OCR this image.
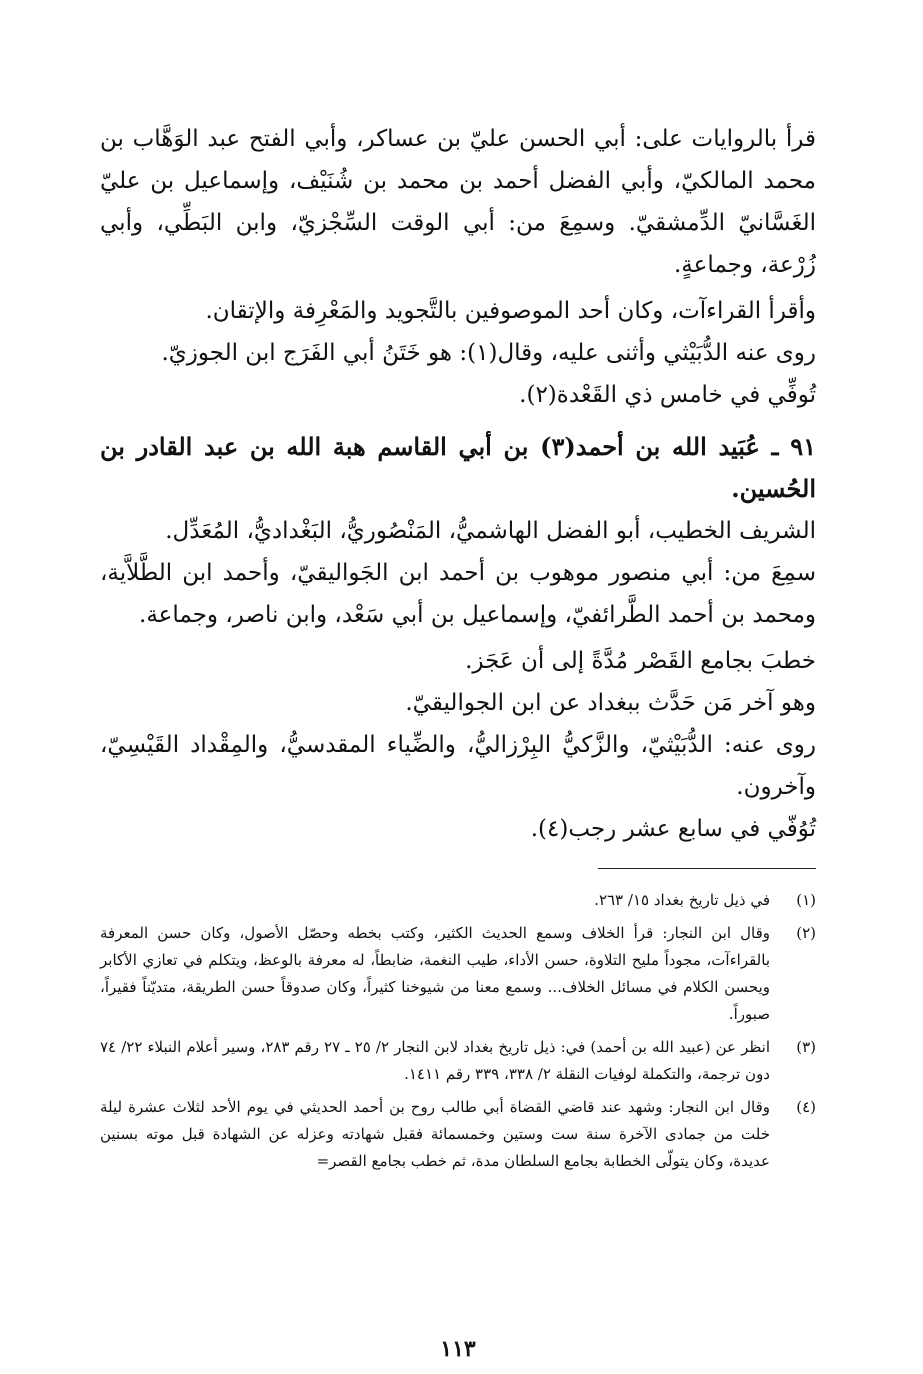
قرأ بالروايات على: أبي الحسن عليّ بن عساكر، وأبي الفتح عبد الوَهَّاب بن محمد المالكيّ، وأبي الفضل أحمد بن محمد بن شُنَيْف، وإسماعيل بن عليّ الغَسَّانيّ الدِّمشقيّ. وسمِعَ من: أبي الوقت السِّجْزيّ، وابن البَطِّي، وأبي زُرْعة، وجماعةٍ.

وأقرأ القراءآت، وكان أحد الموصوفين بالتَّجويد والمَعْرِفة والإتقان.

روى عنه الدُّبَيْثي وأثنى عليه، وقال(١): هو خَتَنُ أبي الفَرَج ابن الجوزيّ.

تُوفِّي في خامس ذي القَعْدة(٢).

٩١ ـ عُبَيد الله بن أحمد(٣) بن أبي القاسم هبة الله بن عبد القادر بن الحُسين.

الشريف الخطيب، أبو الفضل الهاشميُّ، المَنْصُوريُّ، البَغْداديُّ، المُعَدِّل.

سمِعَ من: أبي منصور موهوب بن أحمد ابن الجَواليقيّ، وأحمد ابن الطَّلاَّية، ومحمد بن أحمد الطَّرائفيّ، وإسماعيل بن أبي سَعْد، وابن ناصر، وجماعة.

خطبَ بجامع القَصْر مُدَّةً إلى أن عَجَز.

وهو آخر مَن حَدَّث ببغداد عن ابن الجواليقيّ.

روى عنه: الدُّبَيْثيّ، والزَّكيُّ البِرْزاليُّ، والضِّياء المقدسيُّ، والمِقْداد القَيْسِيّ، وآخرون.

تُوُفّي في سابع عشر رجب(٤).

(١)
في ذيل تاريخ بغداد ١٥/ ٢٦٣.
(٢)
وقال ابن النجار: قرأ الخلاف وسمع الحديث الكثير، وكتب بخطه وحصّل الأصول، وكان حسن المعرفة بالقراءآت، مجوداً مليح التلاوة، حسن الأداء، طيب النغمة، ضابطاً، له معرفة بالوعظ، ويتكلم في تعازي الأكابر ويحسن الكلام في مسائل الخلاف... وسمع معنا من شيوخنا كثيراً، وكان صدوقاً حسن الطريقة، متديّناً فقيراً، صبوراً.
(٣)
انظر عن (عبيد الله بن أحمد) في: ذيل تاريخ بغداد لابن النجار ٢/ ٢٥ ـ ٢٧ رقم ٢٨٣، وسير أعلام النبلاء ٢٢/ ٧٤ دون ترجمة، والتكملة لوفيات النقلة ٢/ ٣٣٨، ٣٣٩ رقم ١٤١١.
(٤)
وقال ابن النجار: وشهد عند قاضي القضاة أبي طالب روح بن أحمد الحديثي في يوم الأحد لثلاث عشرة ليلة خلت من جمادى الآخرة سنة ست وستين وخمسمائة فقبل شهادته وعزله عن الشهادة قبل موته بسنين عديدة، وكان يتولّى الخطابة بجامع السلطان مدة، ثم خطب بجامع القصر=
١١٣
